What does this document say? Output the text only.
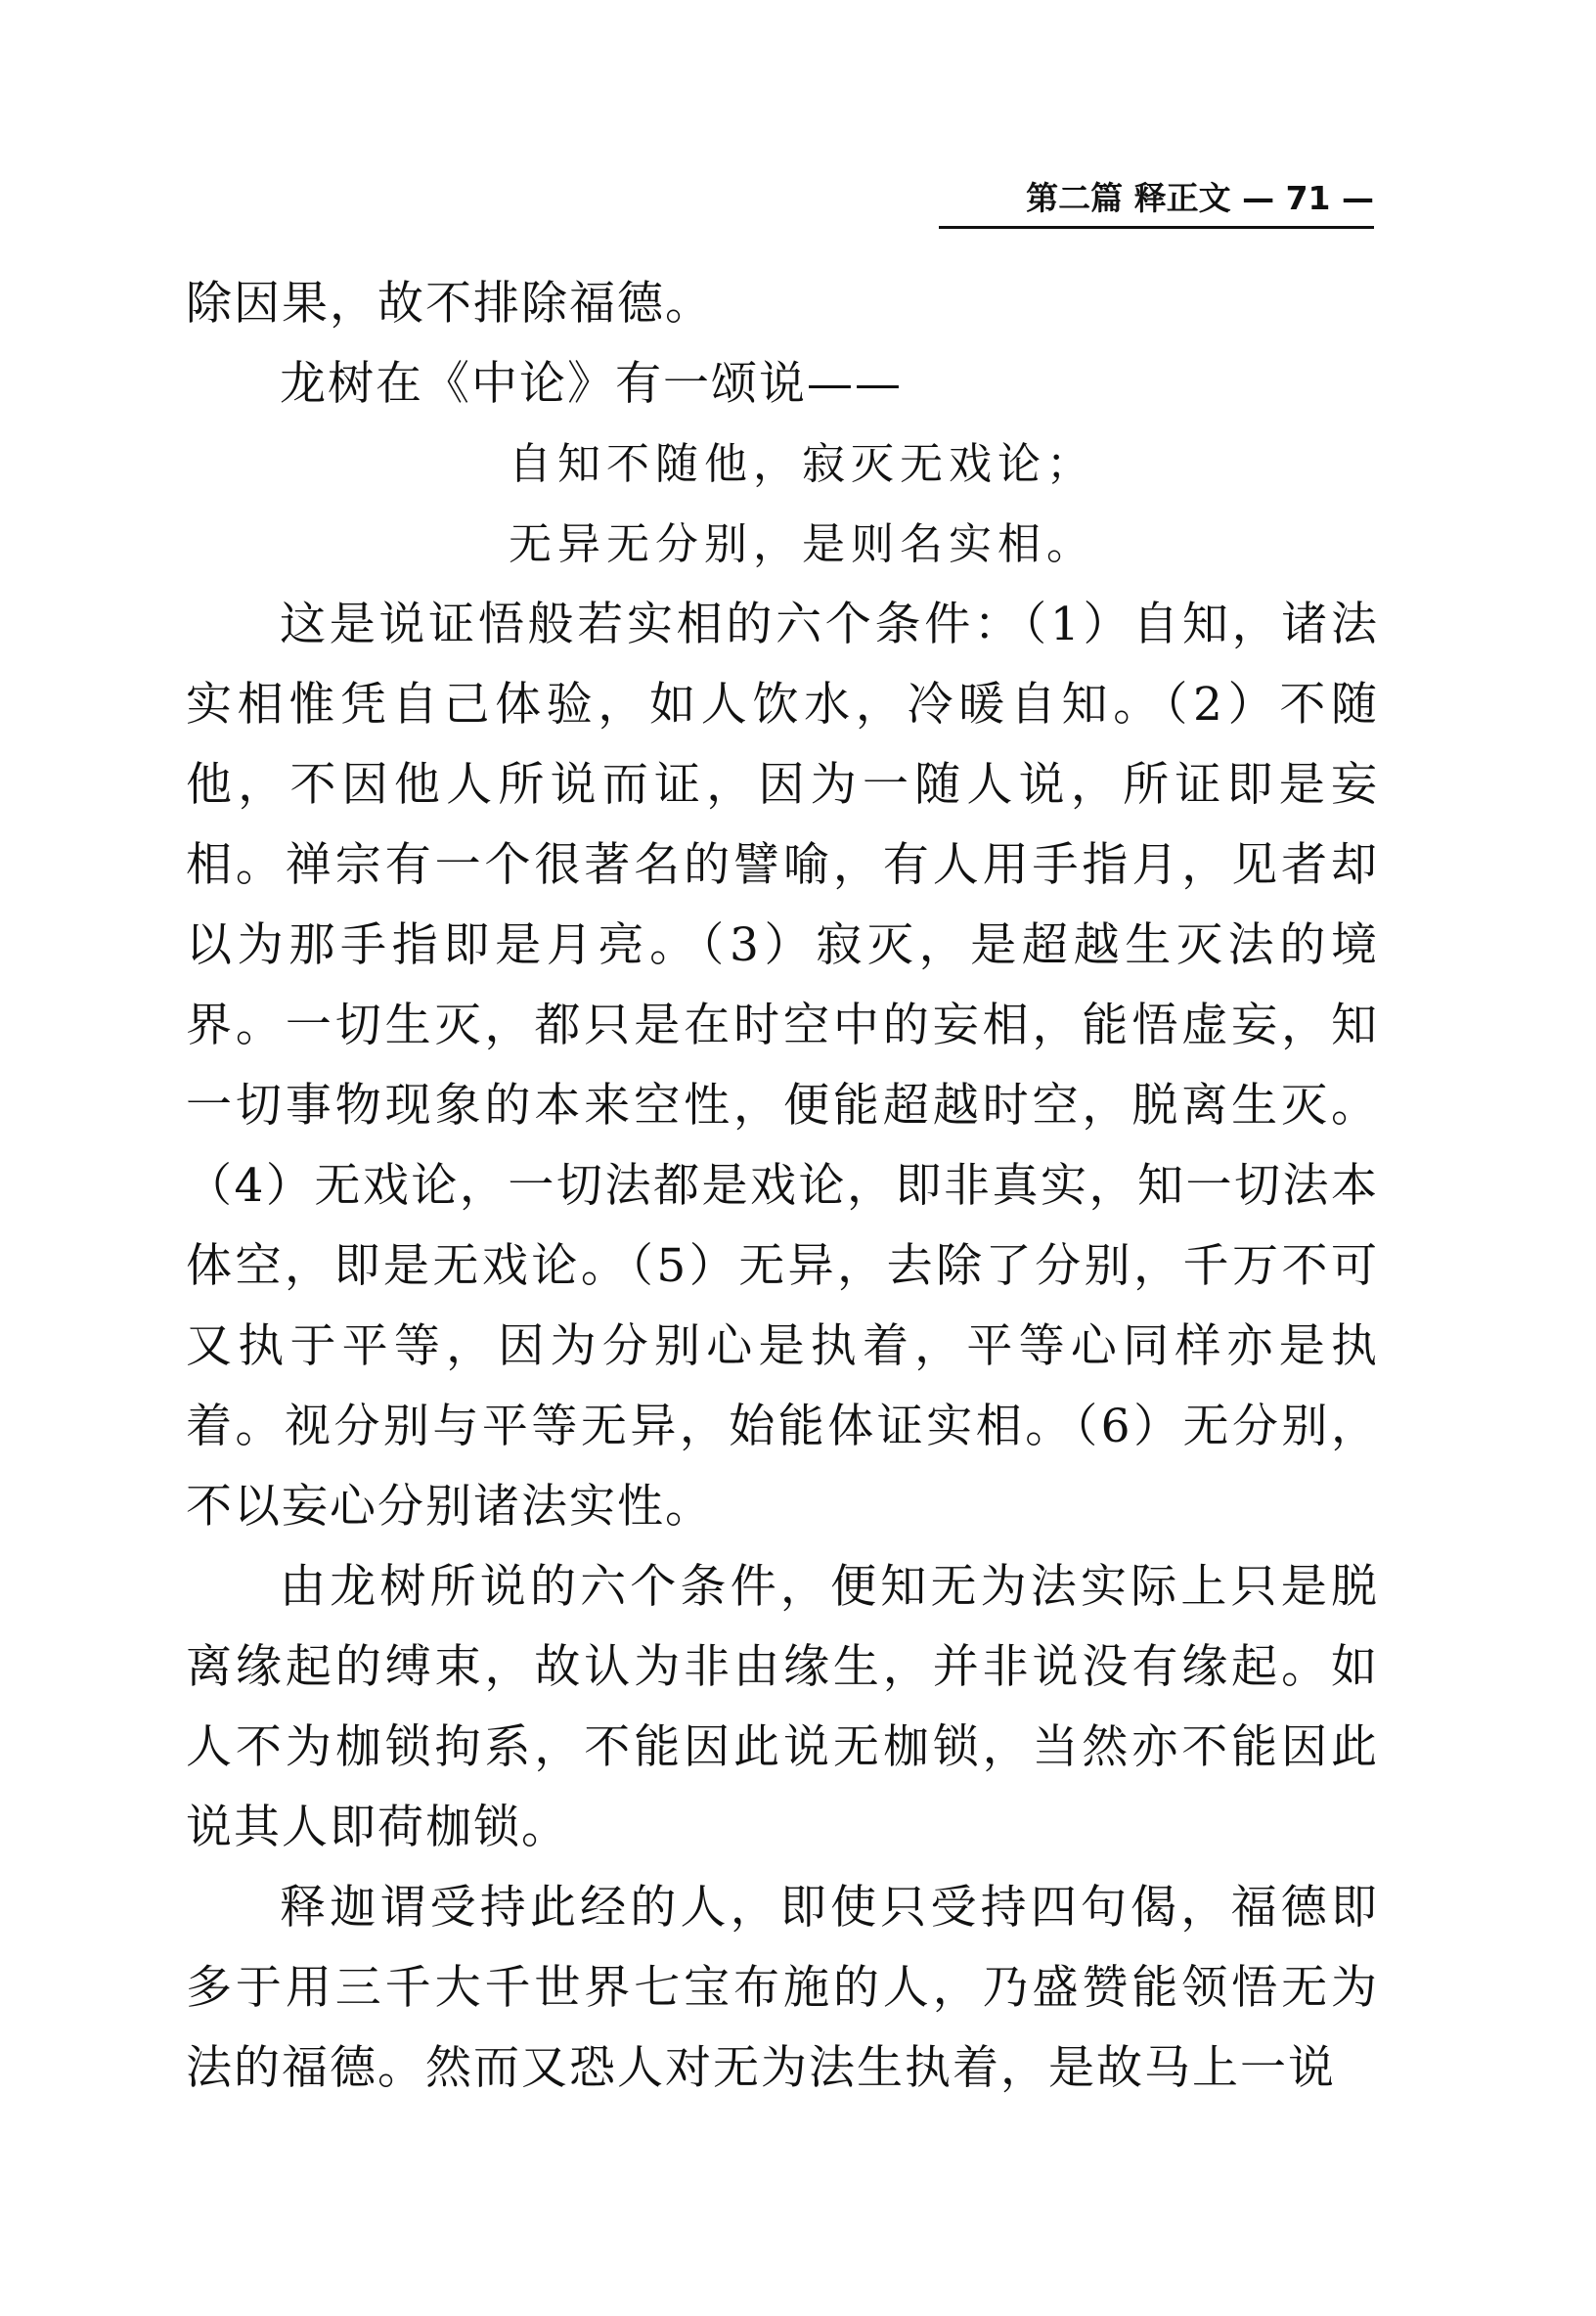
第二篇 释正文 — 71 —

除因果，故不排除福德。

龙树在《中论》有一颂说——

自知不随他，寂灭无戏论；

无异无分别，是则名实相。

这是说证悟般若实相的六个条件：（1）自知，诸法实相惟凭自己体验，如人饮水，冷暖自知。（2）不随他，不因他人所说而证，因为一随人说，所证即是妄相。禅宗有一个很著名的譬喻，有人用手指月，见者却以为那手指即是月亮。（3）寂灭，是超越生灭法的境界。一切生灭，都只是在时空中的妄相，能悟虚妄，知一切事物现象的本来空性，便能超越时空，脱离生灭。（4）无戏论，一切法都是戏论，即非真实，知一切法本体空，即是无戏论。（5）无异，去除了分别，千万不可又执于平等，因为分别心是执着，平等心同样亦是执着。视分别与平等无异，始能体证实相。（6）无分别，不以妄心分别诸法实性。

由龙树所说的六个条件，便知无为法实际上只是脱离缘起的缚束，故认为非由缘生，并非说没有缘起。如人不为枷锁拘系，不能因此说无枷锁，当然亦不能因此说其人即荷枷锁。

释迦谓受持此经的人，即使只受持四句偈，福德即多于用三千大千世界七宝布施的人，乃盛赞能领悟无为法的福德。然而又恐人对无为法生执着，是故马上一说
